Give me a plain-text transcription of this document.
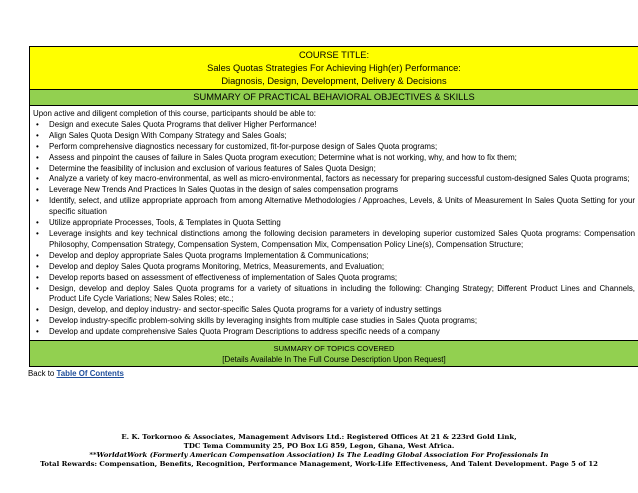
COURSE TITLE:
Sales Quotas Strategies For Achieving High(er) Performance:
Diagnosis, Design, Development, Delivery & Decisions
SUMMARY OF PRACTICAL BEHAVIORAL OBJECTIVES & SKILLS
Upon active and diligent completion of this course, participants should be able to:
• Design and execute Sales Quota Programs that deliver Higher Performance!
• Align Sales Quota Design With Company Strategy and Sales Goals;
• Perform comprehensive diagnostics necessary for customized, fit-for-purpose design of Sales Quota programs;
• Assess and pinpoint the causes of failure in Sales Quota program execution; Determine what is not working, why, and how to fix them;
• Determine the feasibility of inclusion and exclusion of various features of Sales Quota Design;
• Analyze a variety of key macro-environmental, as well as micro-environmental, factors as necessary for preparing successful custom-designed Sales Quota programs;
• Leverage New Trends And Practices In Sales Quotas in the design of sales compensation programs
• Identify, select, and utilize appropriate approach from among Alternative Methodologies / Approaches, Levels, & Units of Measurement In Sales Quota Setting for your specific situation
• Utilize appropriate Processes, Tools, & Templates in Quota Setting
• Leverage insights and key technical distinctions among the following decision parameters in developing superior customized Sales Quota programs: Compensation Philosophy, Compensation Strategy, Compensation System, Compensation Mix, Compensation Policy Line(s), Compensation Structure;
• Develop and deploy appropriate Sales Quota programs Implementation & Communications;
• Develop and deploy Sales Quota programs Monitoring, Metrics, Measurements, and Evaluation;
• Develop reports based on assessment of effectiveness of implementation of Sales Quota programs;
• Design, develop and deploy Sales Quota programs for a variety of situations in including the following: Changing Strategy; Different Product Lines and Channels, Product Life Cycle Variations; New Sales Roles; etc.;
• Design, develop, and deploy industry- and sector-specific Sales Quota programs for a variety of industry settings
• Develop industry-specific problem-solving skills by leveraging insights from multiple case studies in Sales Quota programs;
• Develop and update comprehensive Sales Quota Program Descriptions to address specific needs of a company
SUMMARY OF TOPICS COVERED
[Details Available In The Full Course Description Upon Request]
Back to Table Of Contents
E. K. Torkornoo & Associates, Management Advisors Ltd.: Registered Offices At 21 & 223rd Gold Link,
TDC Tema Community 25, PO Box LG 859, Legon, Ghana, West Africa.
**WorldatWork (Formerly American Compensation Association) Is The Leading Global Association For Professionals In
Total Rewards: Compensation, Benefits, Recognition, Performance Management, Work-Life Effectiveness, And Talent Development. Page 5 of 12
